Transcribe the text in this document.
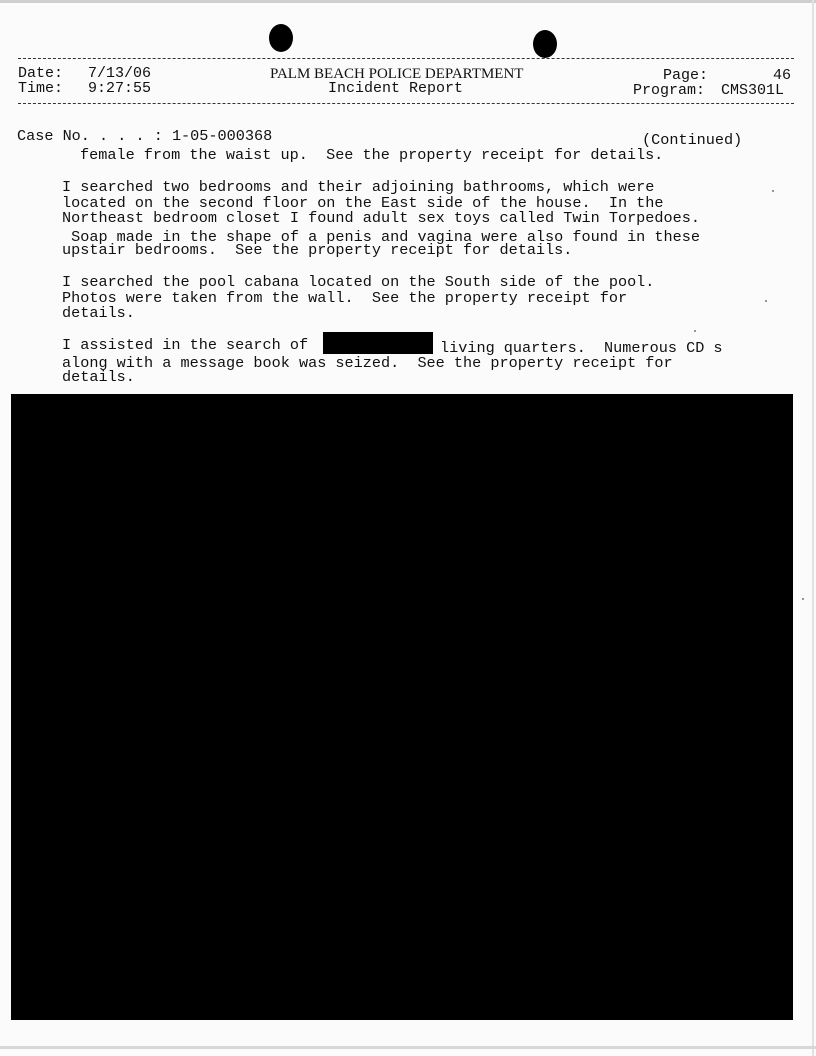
Date: 7/13/06
Time: 9:27:55
PALM BEACH POLICE DEPARTMENT
Incident Report
Page:	46
Program: CMS301L
Case No. . . . : 1-05-000368	(Continued)
female from the waist up.  See the property receipt for details.
I searched two bedrooms and their adjoining bathrooms, which were
located on the second floor on the East side of the house.  In the
Northeast bedroom closet I found adult sex toys called Twin Torpedoes.
Soap made in the shape of a penis and vagina were also found in these
upstair bedrooms.  See the property receipt for details.
I searched the pool cabana located on the South side of the pool.
Photos were taken from the wall.  See the property receipt for
details.
I assisted in the search of	living quarters.  Numerous CD s
along with a message book was seized.  See the property receipt for
details.
